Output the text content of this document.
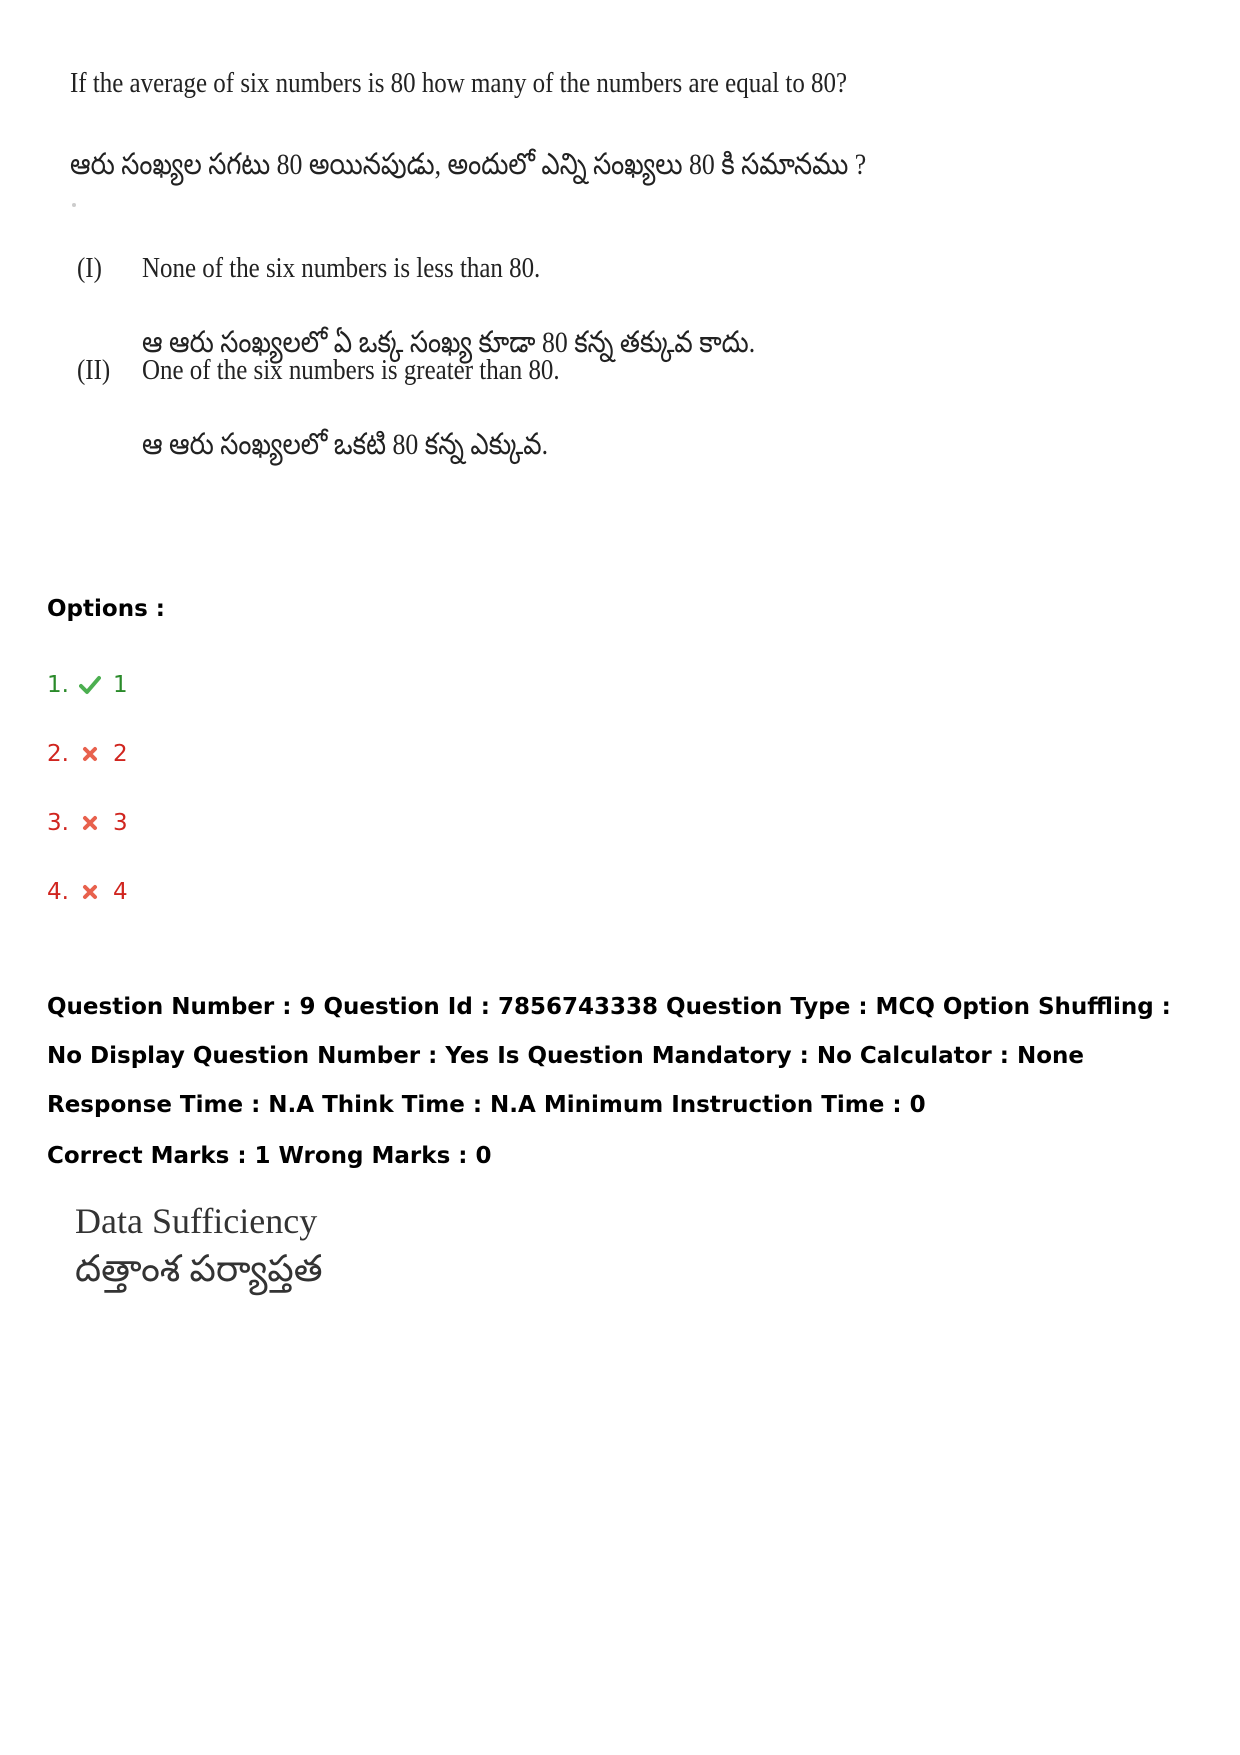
If the average of six numbers is 80 how many of the numbers are equal to 80?
ఆరు సంఖ్యల సగటు 80 అయినపుడు, అందులో ఎన్ని సంఖ్యలు 80 కి సమానము ?
(I) None of the six numbers is less than 80.
ఆ ఆరు సంఖ్యలలో ఏ ఒక్క సంఖ్య కూడా 80 కన్న తక్కువ కాదు.
(II) One of the six numbers is greater than 80.
ఆ ఆరు సంఖ్యలలో ఒకటి 80 కన్న ఎక్కువ.
Options :
1. 1
2. 2
3. 3
4. 4
Question Number : 9 Question Id : 7856743338 Question Type : MCQ Option Shuffling : No Display Question Number : Yes Is Question Mandatory : No Calculator : None Response Time : N.A Think Time : N.A Minimum Instruction Time : 0
Correct Marks : 1 Wrong Marks : 0
Data Sufficiency
దత్తాంశ పర్యాప్తత
